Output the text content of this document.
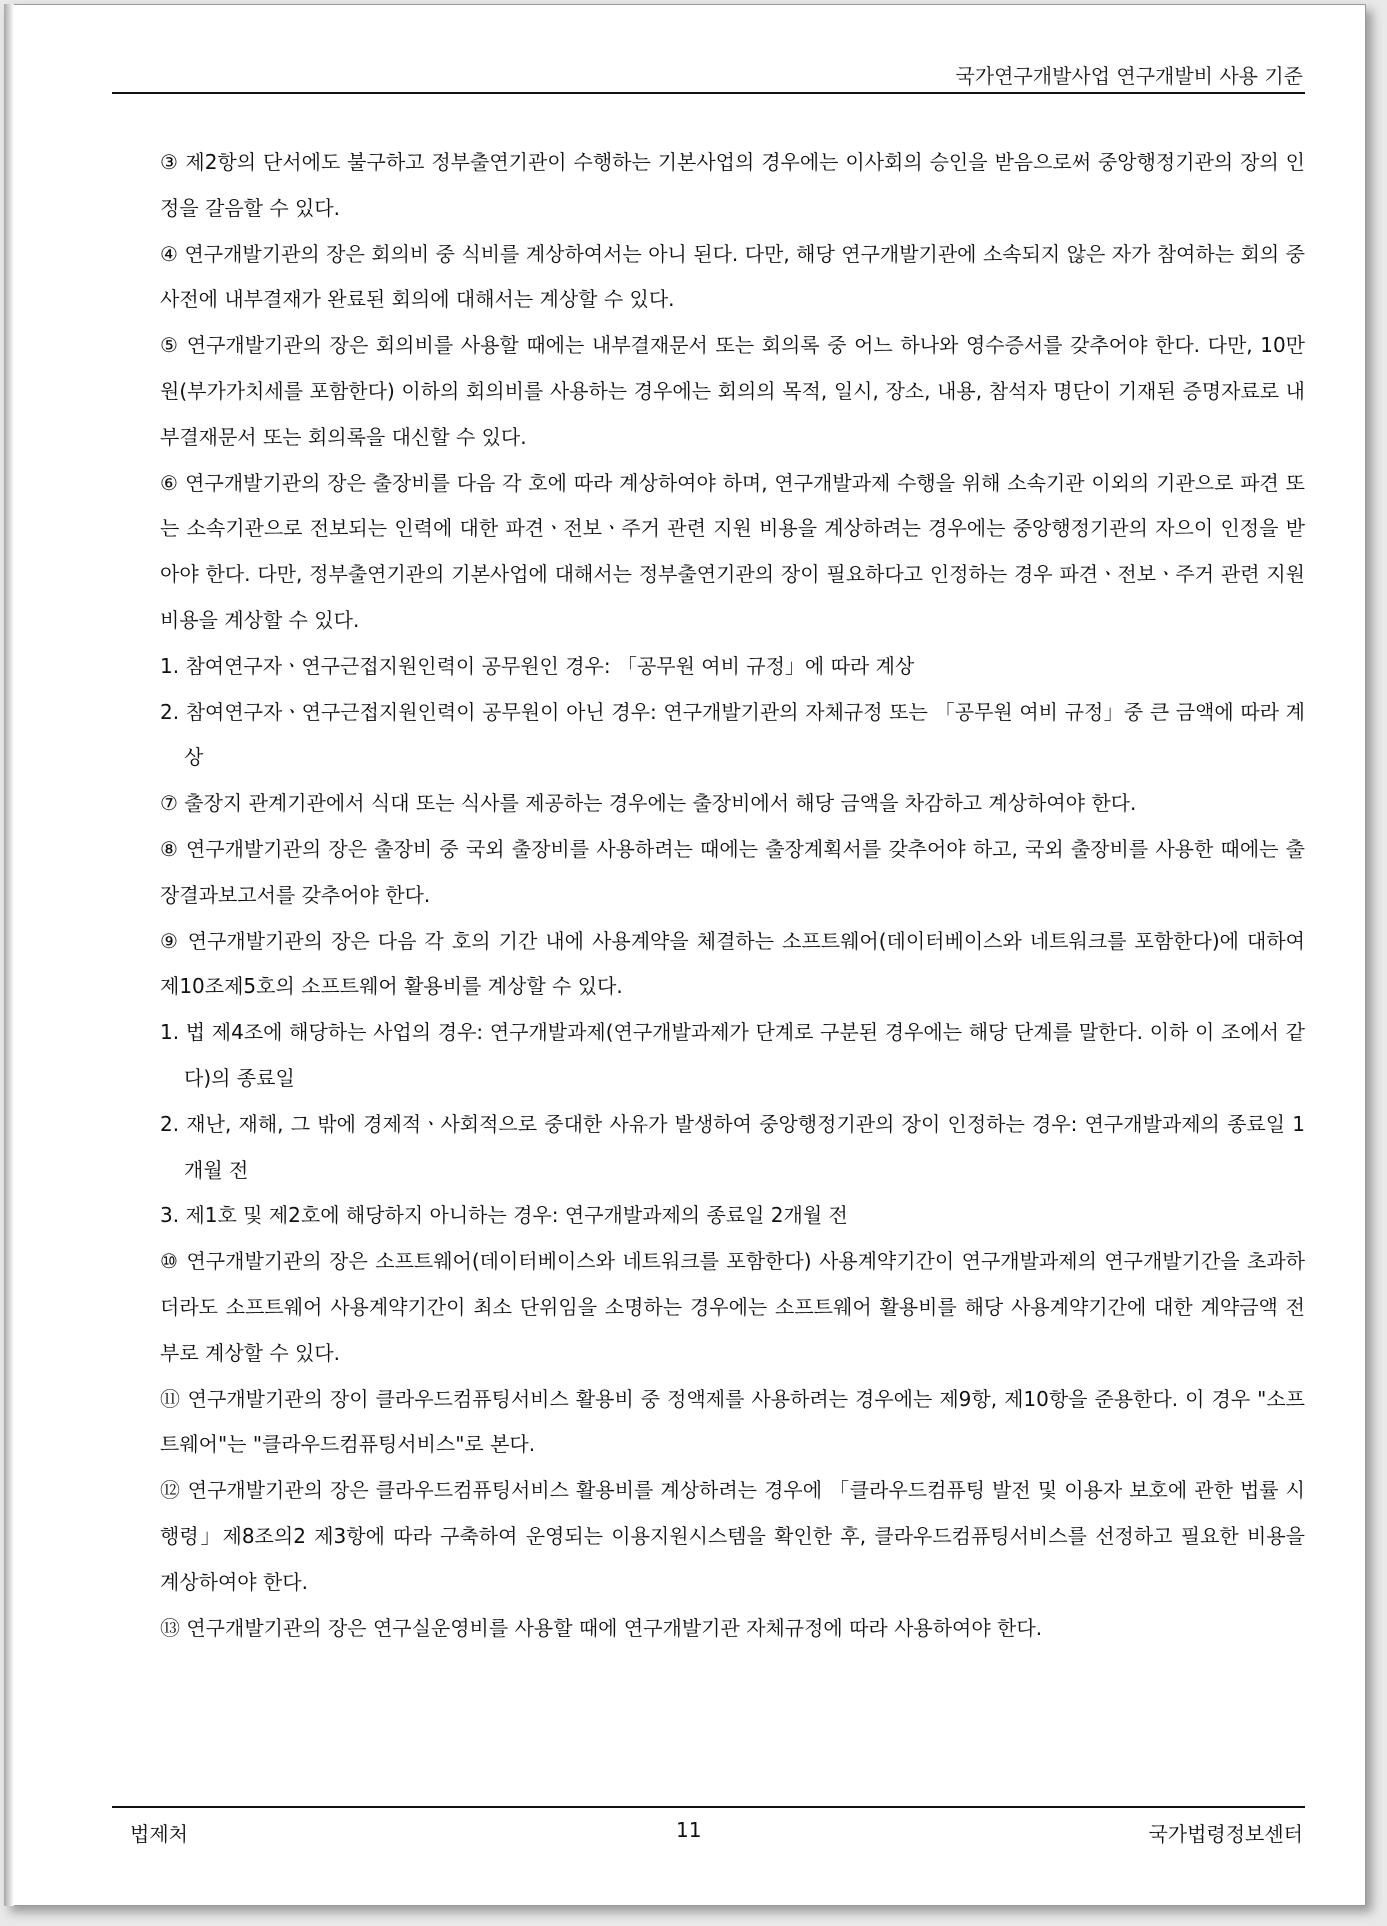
국가연구개발사업 연구개발비 사용 기준

③ 제2항의 단서에도 불구하고 정부출연기관이 수행하는 기본사업의 경우에는 이사회의 승인을 받음으로써 중앙행정기관의 장의 인정을 갈음할 수 있다.

④ 연구개발기관의 장은 회의비 중 식비를 계상하여서는 아니 된다. 다만, 해당 연구개발기관에 소속되지 않은 자가 참여하는 회의 중 사전에 내부결재가 완료된 회의에 대해서는 계상할 수 있다.

⑤ 연구개발기관의 장은 회의비를 사용할 때에는 내부결재문서 또는 회의록 중 어느 하나와 영수증서를 갖추어야 한다. 다만, 10만 원(부가가치세를 포함한다) 이하의 회의비를 사용하는 경우에는 회의의 목적, 일시, 장소, 내용, 참석자 명단이 기재된 증명자료로 내부결재문서 또는 회의록을 대신할 수 있다.

⑥ 연구개발기관의 장은 출장비를 다음 각 호에 따라 계상하여야 하며, 연구개발과제 수행을 위해 소속기관 이외의 기관으로 파견 또는 소속기관으로 전보되는 인력에 대한 파견ㆍ전보ㆍ주거 관련 지원 비용을 계상하려는 경우에는 중앙행정기관의 자으이 인정을 받아야 한다. 다만, 정부출연기관의 기본사업에 대해서는 정부출연기관의 장이 필요하다고 인정하는 경우 파견ㆍ전보ㆍ주거 관련 지원 비용을 계상할 수 있다.

1. 참여연구자ㆍ연구근접지원인력이 공무원인 경우: 「공무원 여비 규정」에 따라 계상

2. 참여연구자ㆍ연구근접지원인력이 공무원이 아닌 경우: 연구개발기관의 자체규정 또는 「공무원 여비 규정」중 큰 금액에 따라 계상

⑦ 출장지 관계기관에서 식대 또는 식사를 제공하는 경우에는 출장비에서 해당 금액을 차감하고 계상하여야 한다.

⑧ 연구개발기관의 장은 출장비 중 국외 출장비를 사용하려는 때에는 출장계획서를 갖추어야 하고, 국외 출장비를 사용한 때에는 출장결과보고서를 갖추어야 한다.

⑨ 연구개발기관의 장은 다음 각 호의 기간 내에 사용계약을 체결하는 소프트웨어(데이터베이스와 네트워크를 포함한다)에 대하여 제10조제5호의 소프트웨어 활용비를 계상할 수 있다.

1. 법 제4조에 해당하는 사업의 경우: 연구개발과제(연구개발과제가 단계로 구분된 경우에는 해당 단계를 말한다. 이하 이 조에서 같다)의 종료일

2. 재난, 재해, 그 밖에 경제적ㆍ사회적으로 중대한 사유가 발생하여 중앙행정기관의 장이 인정하는 경우: 연구개발과제의 종료일 1개월 전

3. 제1호 및 제2호에 해당하지 아니하는 경우: 연구개발과제의 종료일 2개월 전

⑩ 연구개발기관의 장은 소프트웨어(데이터베이스와 네트워크를 포함한다) 사용계약기간이 연구개발과제의 연구개발기간을 초과하더라도 소프트웨어 사용계약기간이 최소 단위임을 소명하는 경우에는 소프트웨어 활용비를 해당 사용계약기간에 대한 계약금액 전부로 계상할 수 있다.

⑪ 연구개발기관의 장이 클라우드컴퓨팅서비스 활용비 중 정액제를 사용하려는 경우에는 제9항, 제10항을 준용한다. 이 경우 "소프트웨어"는 "클라우드컴퓨팅서비스"로 본다.

⑫ 연구개발기관의 장은 클라우드컴퓨팅서비스 활용비를 계상하려는 경우에 「클라우드컴퓨팅 발전 및 이용자 보호에 관한 법률 시행령」제8조의2 제3항에 따라 구축하여 운영되는 이용지원시스템을 확인한 후, 클라우드컴퓨팅서비스를 선정하고 필요한 비용을 계상하여야 한다.

⑬ 연구개발기관의 장은 연구실운영비를 사용할 때에 연구개발기관 자체규정에 따라 사용하여야 한다.

법제처	11	국가법령정보센터
